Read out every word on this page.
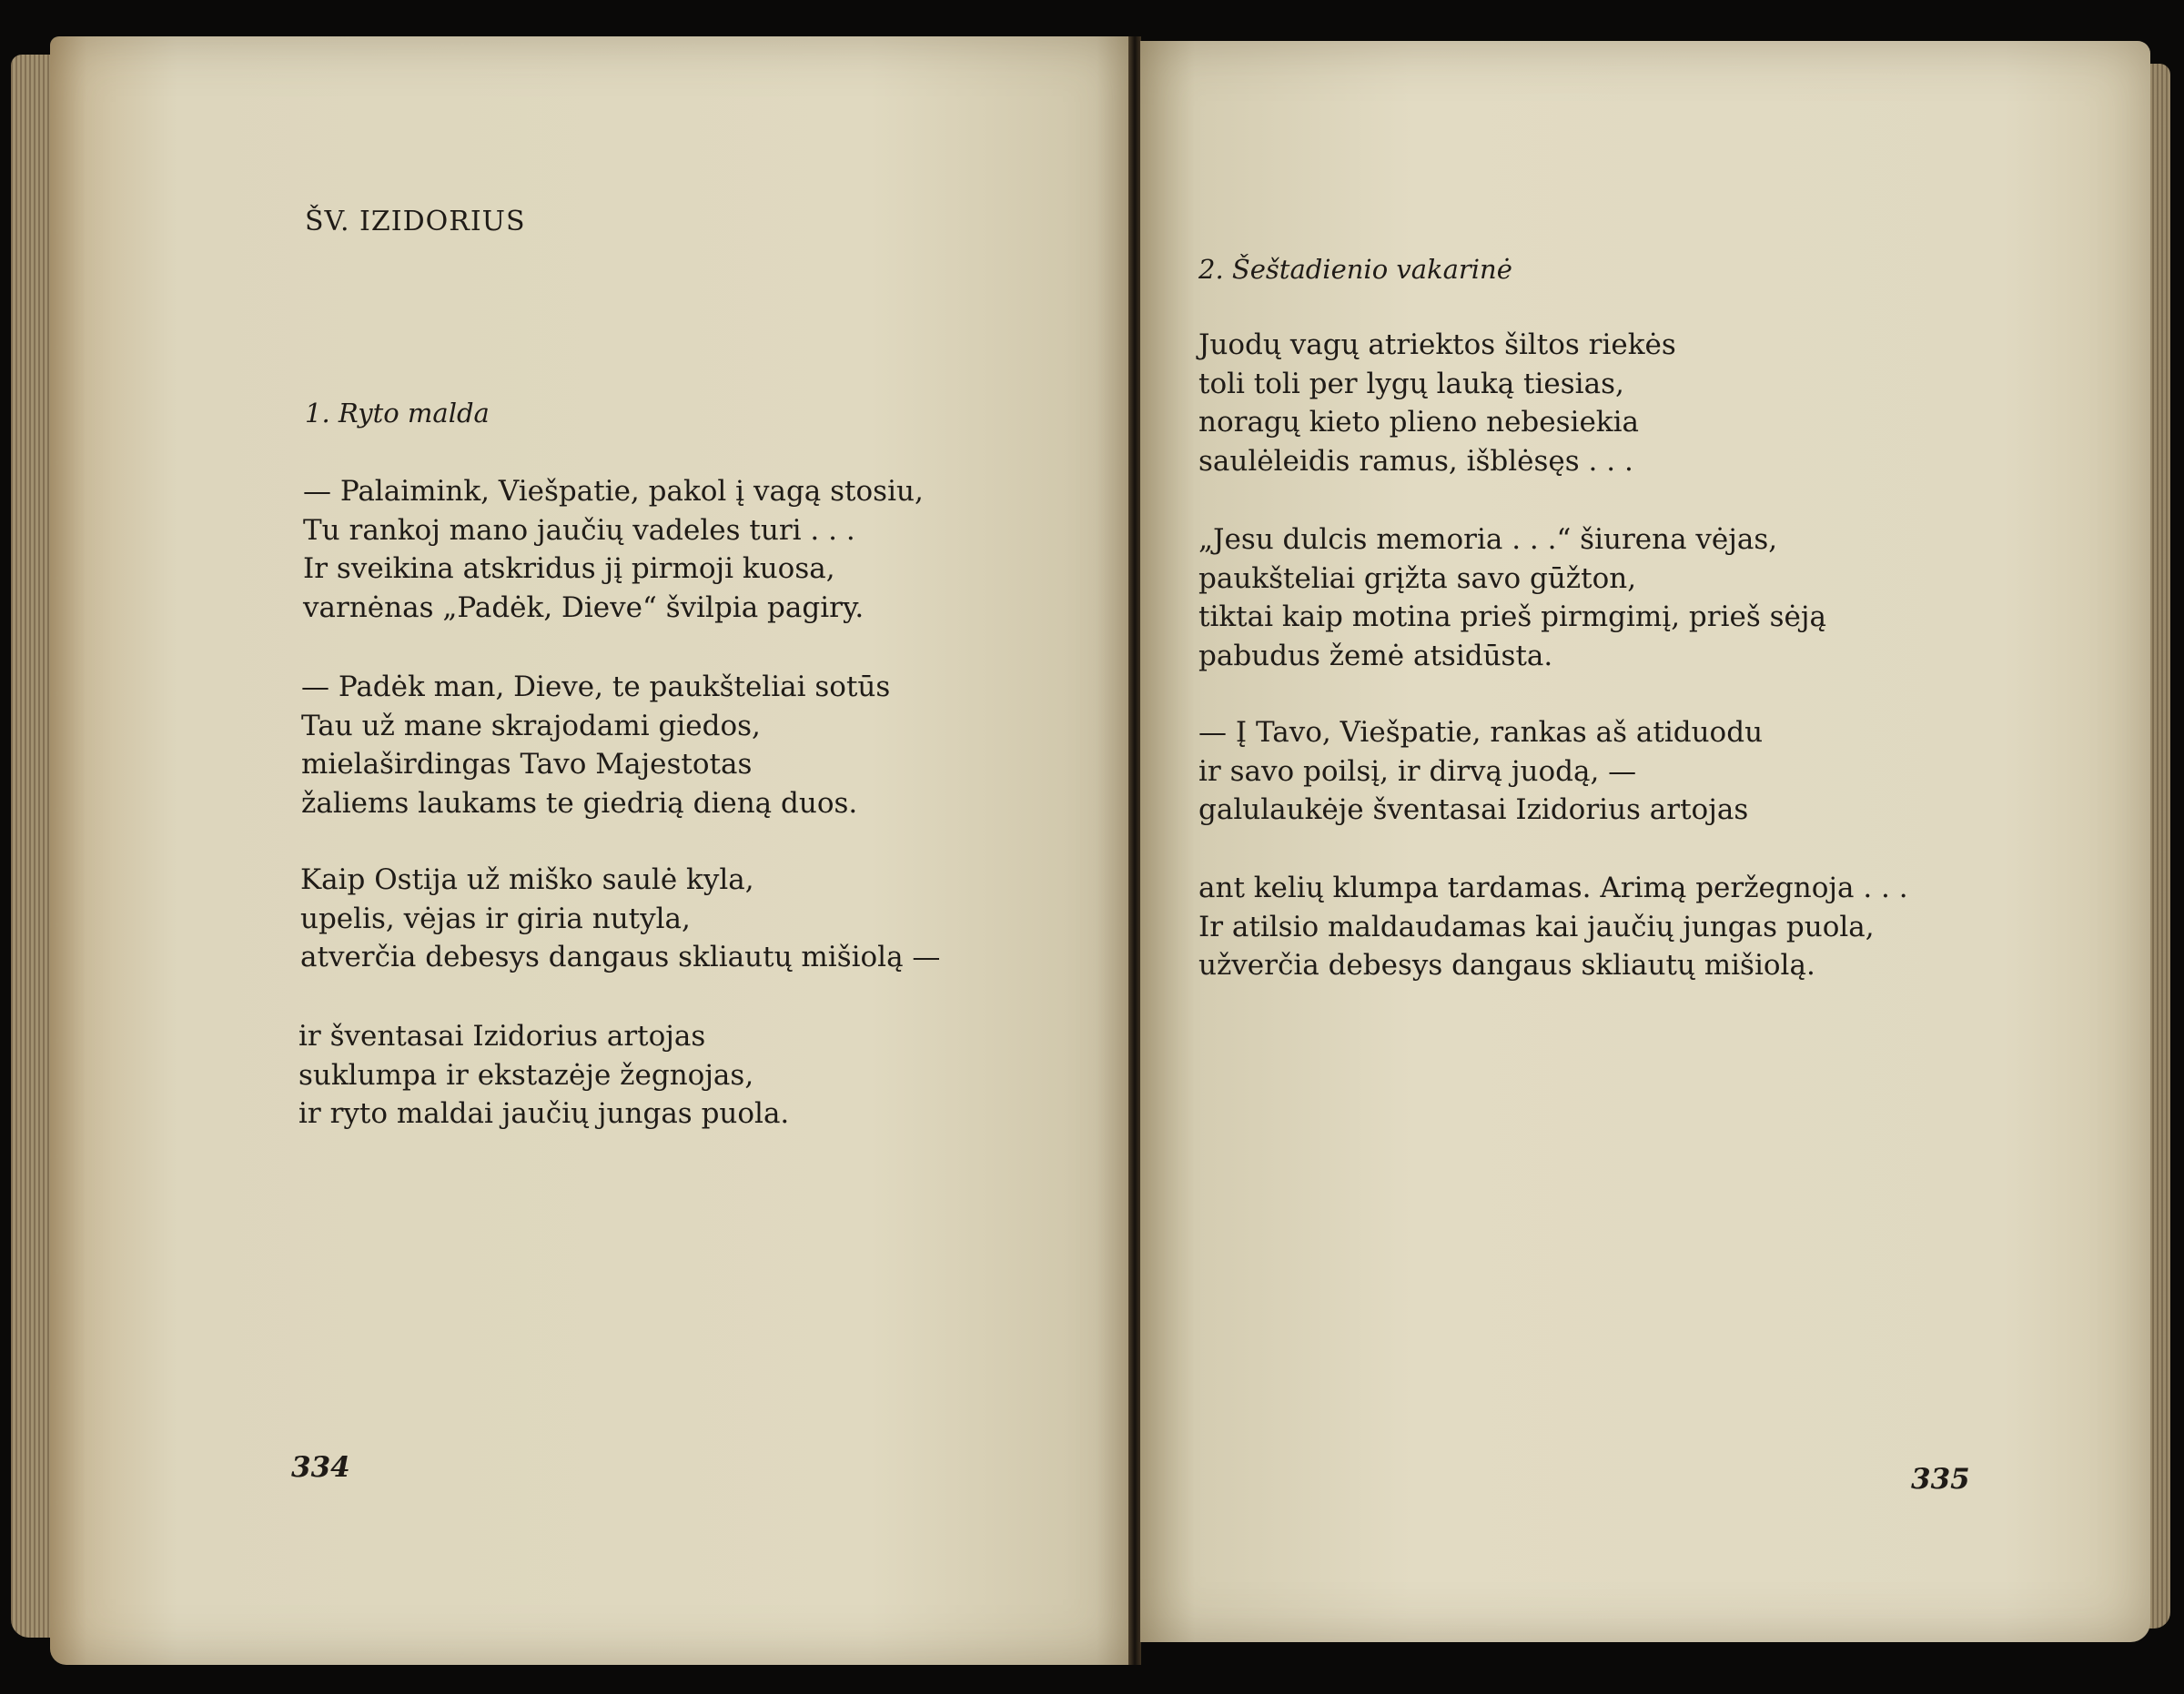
ŠV. IZIDORIUS
1. Ryto malda
— Palaimink, Viešpatie, pakol į vagą stosiu,
Tu rankoj mano jaučių vadeles turi . . .
Ir sveikina atskridus jį pirmoji kuosa,
varnėnas „Padėk, Dieve“ švilpia pagiry.
— Padėk man, Dieve, te paukšteliai sotūs
Tau už mane skrajodami giedos,
mielaširdingas Tavo Majestotas
žaliems laukams te giedrią dieną duos.
Kaip Ostija už miško saulė kyla,
upelis, vėjas ir giria nutyla,
atverčia debesys dangaus skliautų mišiolą —
ir šventasai Izidorius artojas
suklumpa ir ekstazėje žegnojas,
ir ryto maldai jaučių jungas puola.
334
2. Šeštadienio vakarinė
Juodų vagų atriektos šiltos riekės
toli toli per lygų lauką tiesias,
noragų kieto plieno nebesiekia
saulėleidis ramus, išblėsęs . . .
„Jesu dulcis memoria . . .“ šiurena vėjas,
paukšteliai grįžta savo gūžton,
tiktai kaip motina prieš pirmgimį, prieš sėją
pabudus žemė atsidūsta.
— Į Tavo, Viešpatie, rankas aš atiduodu
ir savo poilsį, ir dirvą juodą, —
galulaukėje šventasai Izidorius artojas
ant kelių klumpa tardamas. Arimą peržegnoja . . .
Ir atilsio maldaudamas kai jaučių jungas puola,
užverčia debesys dangaus skliautų mišiolą.
335
